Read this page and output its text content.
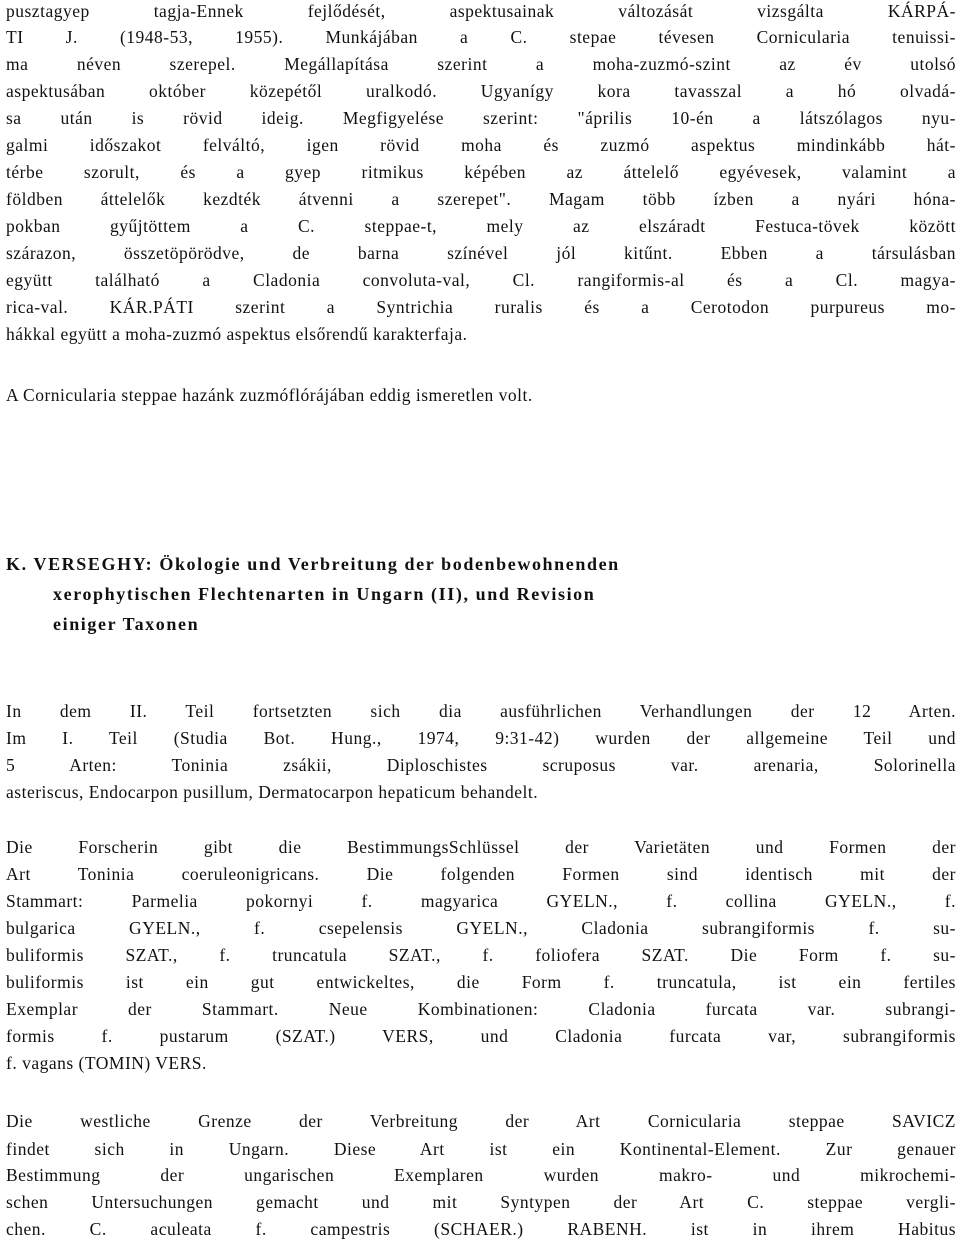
pusztagyep tagja-Ennek fejlődését, aspektusainak változását vizsgálta KÁRPÁ-
TI J. (1948-53, 1955). Munkájában a C. stepae tévesen Cornicularia tenuissi-
ma néven szerepel. Megállapítása szerint a moha-zuzmó-szint az év utolsó
aspektusában október közepétől uralkodó. Ugyanígy kora tavasszal a hó olvadá-
sa után is rövid ideig. Megfigyelése szerint: "április 10-én a látszólagos nyu-
galmi időszakot felváltó, igen rövid moha és zuzmó aspektus mindinkább hát-
térbe szorult, és a gyep ritmikus képében az áttelelő egyévesek, valamint a
földben áttelelők kezdték átvenni a szerepet". Magam több ízben a nyári hóna-
pokban gyűjtöttem a C. steppae-t, mely az elszáradt Festuca-tövek között
szárazon, összetöpörödve, de barna színével jól kitűnt. Ebben a társulásban
együtt található a Cladonia convoluta-val, Cl. rangiformis-al és a Cl. magya-
rica-val. KÁR.PÁTI szerint a Syntrichia ruralis és a Cerotodon purpureus mo-
hákkal együtt a moha-zuzmó aspektus elsőrendű karakterfaja.
A Cornicularia steppae hazánk zuzmóflórájában eddig ismeretlen volt.
K. VERSEGHY: Ökologie und Verbreitung der bodenbewohnenden
xerophytischen Flechtenarten in Ungarn (II), und Revision
einiger Taxonen
In dem II. Teil fortsetzten sich dia ausführlichen Verhandlungen der 12 Arten.
Im I. Teil (Studia Bot. Hung., 1974, 9:31-42) wurden der allgemeine Teil und
5 Arten: Toninia zsákii, Diploschistes scruposus var. arenaria, Solorinella
asteriscus, Endocarpon pusillum, Dermatocarpon hepaticum behandelt.
Die Forscherin gibt die BestimmungsSchlüssel der Varietäten und Formen der
Art Toninia coeruleonigricans. Die folgenden Formen sind identisch mit der
Stammart: Parmelia pokornyi f. magyarica GYELN., f. collina GYELN., f.
bulgarica GYELN., f. csepelensis GYELN., Cladonia subrangiformis f. su-
buliformis SZAT., f. truncatula SZAT., f. foliofera SZAT. Die Form f. su-
buliformis ist ein gut entwickeltes, die Form f. truncatula, ist ein fertiles
Exemplar der Stammart. Neue Kombinationen: Cladonia furcata var. subrangi-
formis f. pustarum (SZAT.) VERS, und Cladonia furcata var, subrangiformis
f. vagans (TOMIN) VERS.
Die westliche Grenze der Verbreitung der Art Cornicularia steppae SAVICZ
findet sich in Ungarn. Diese Art ist ein Kontinental-Element. Zur genauer
Bestimmung der ungarischen Exemplaren wurden makro- und mikrochemi-
schen Untersuchungen gemacht und mit Syntypen der Art C. steppae vergli-
chen. C. aculeata f. campestris (SCHAER.) RABENH. ist in ihrem Habitus
